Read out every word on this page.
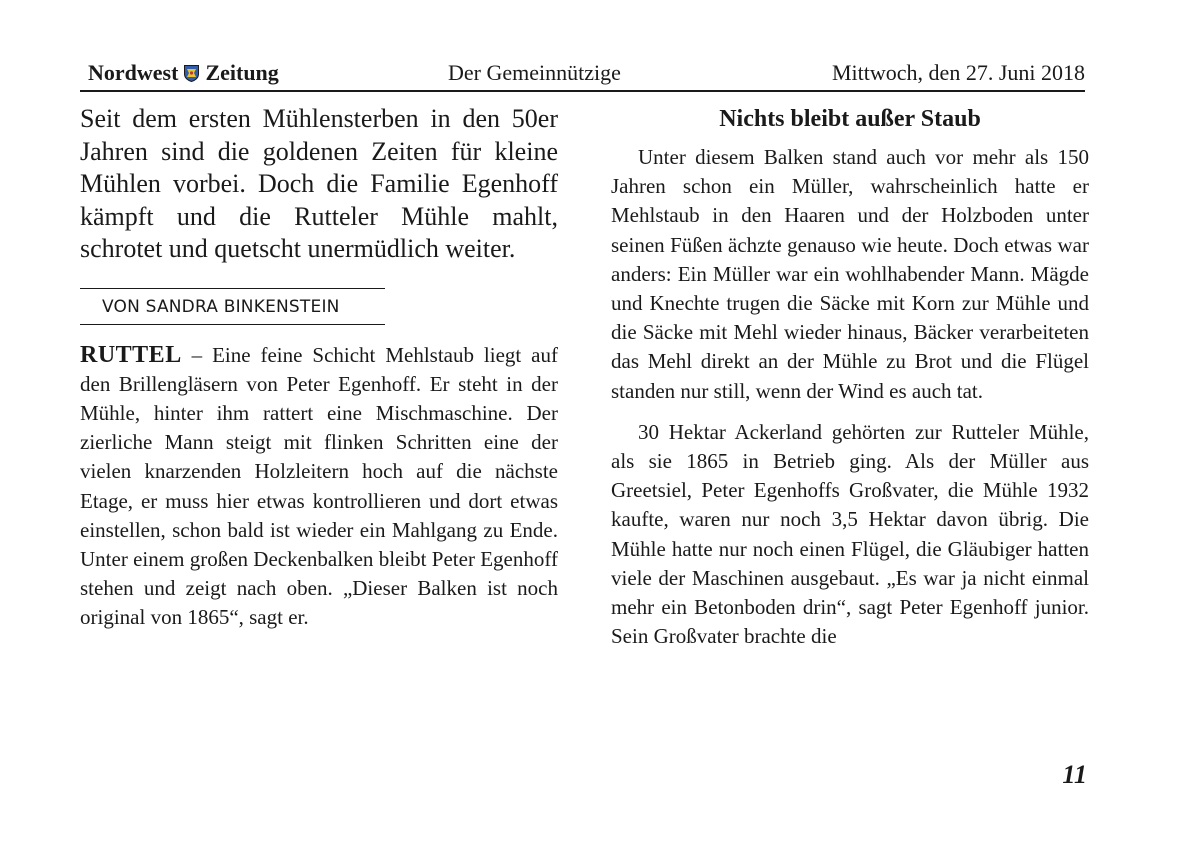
Nordwest Zeitung	Der Gemeinnützige	Mittwoch, den 27. Juni 2018

Seit dem ersten Mühlensterben in den 50er Jahren sind die goldenen Zeiten für kleine Mühlen vorbei. Doch die Familie Egenhoff kämpft und die Rutteler Mühle mahlt, schrotet und quetscht unermüdlich weiter.

VON SANDRA BINKENSTEIN

RUTTEL – Eine feine Schicht Mehlstaub liegt auf den Brillengläsern von Peter Egenhoff. Er steht in der Mühle, hinter ihm rattert eine Mischmaschine. Der zierliche Mann steigt mit flinken Schritten eine der vielen knarzenden Holzleitern hoch auf die nächste Etage, er muss hier etwas kontrollieren und dort etwas einstellen, schon bald ist wieder ein Mahlgang zu Ende. Unter einem großen Deckenbalken bleibt Peter Egenhoff stehen und zeigt nach oben. „Dieser Balken ist noch original von 1865“, sagt er.

Nichts bleibt außer Staub

Unter diesem Balken stand auch vor mehr als 150 Jahren schon ein Müller, wahrscheinlich hatte er Mehlstaub in den Haaren und der Holzboden unter seinen Füßen ächzte genauso wie heute. Doch etwas war anders: Ein Müller war ein wohlhabender Mann. Mägde und Knechte trugen die Säcke mit Korn zur Mühle und die Säcke mit Mehl wieder hinaus, Bäcker verarbeiteten das Mehl direkt an der Mühle zu Brot und die Flügel standen nur still, wenn der Wind es auch tat.

30 Hektar Ackerland gehörten zur Rutteler Mühle, als sie 1865 in Betrieb ging. Als der Müller aus Greetsiel, Peter Egenhoffs Großvater, die Mühle 1932 kaufte, waren nur noch 3,5 Hektar davon übrig. Die Mühle hatte nur noch einen Flügel, die Gläubiger hatten viele der Maschinen ausgebaut. „Es war ja nicht einmal mehr ein Betonboden drin“, sagt Peter Egenhoff junior. Sein Großvater brachte die

11
